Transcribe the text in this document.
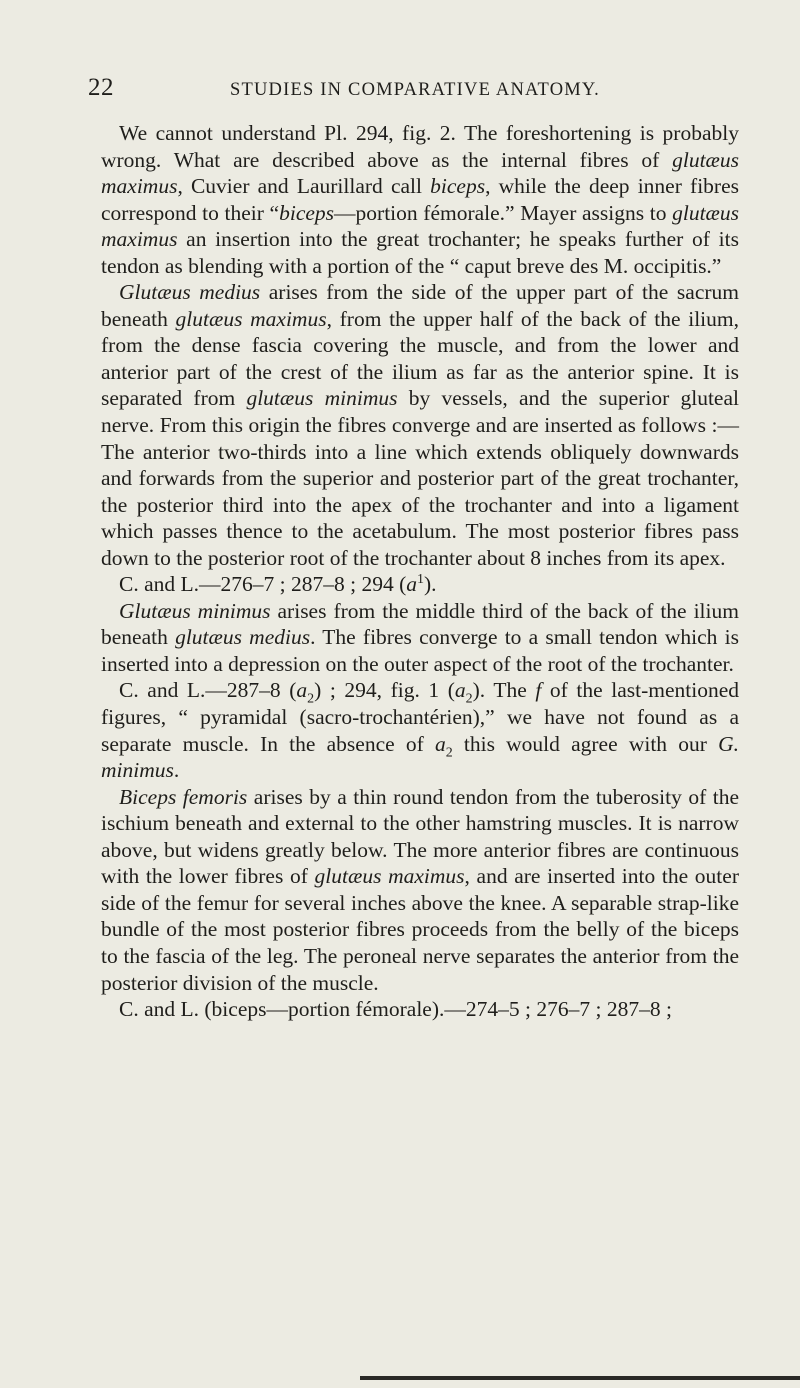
22	STUDIES IN COMPARATIVE ANATOMY.

We cannot understand Pl. 294, fig. 2. The foreshortening is probably wrong. What are described above as the internal fibres of glutæus maximus, Cuvier and Laurillard call biceps, while the deep inner fibres correspond to their “biceps—portion fémorale.” Mayer assigns to glutæus maximus an insertion into the great trochanter; he speaks further of its tendon as blending with a portion of the “ caput breve des M. occipitis.”

Glutæus medius arises from the side of the upper part of the sacrum beneath glutæus maximus, from the upper half of the back of the ilium, from the dense fascia covering the muscle, and from the lower and anterior part of the crest of the ilium as far as the anterior spine. It is separated from glutæus minimus by vessels, and the superior gluteal nerve. From this origin the fibres converge and are inserted as follows :—The anterior two-thirds into a line which extends obliquely downwards and forwards from the superior and posterior part of the great trochanter, the posterior third into the apex of the trochanter and into a ligament which passes thence to the acetabulum. The most posterior fibres pass down to the posterior root of the trochanter about 8 inches from its apex.

C. and L.—276–7 ; 287–8 ; 294 $(a^1)$.

Glutæus minimus arises from the middle third of the back of the ilium beneath glutæus medius. The fibres converge to a small tendon which is inserted into a depression on the outer aspect of the root of the trochanter.

C. and L.—287–8 $(a_2)$ ; 294, fig. 1 $(a_2)$. The f of the last-mentioned figures, “ pyramidal (sacro-trochantérien),” we have not found as a separate muscle. In the absence of $a_2$ this would agree with our G. minimus.

Biceps femoris arises by a thin round tendon from the tuberosity of the ischium beneath and external to the other hamstring muscles. It is narrow above, but widens greatly below. The more anterior fibres are continuous with the lower fibres of glutæus maximus, and are inserted into the outer side of the femur for several inches above the knee. A separable strap-like bundle of the most posterior fibres proceeds from the belly of the biceps to the fascia of the leg. The peroneal nerve separates the anterior from the posterior division of the muscle.

C. and L. (biceps—portion fémorale).—274–5 ; 276–7 ; 287–8 ;
